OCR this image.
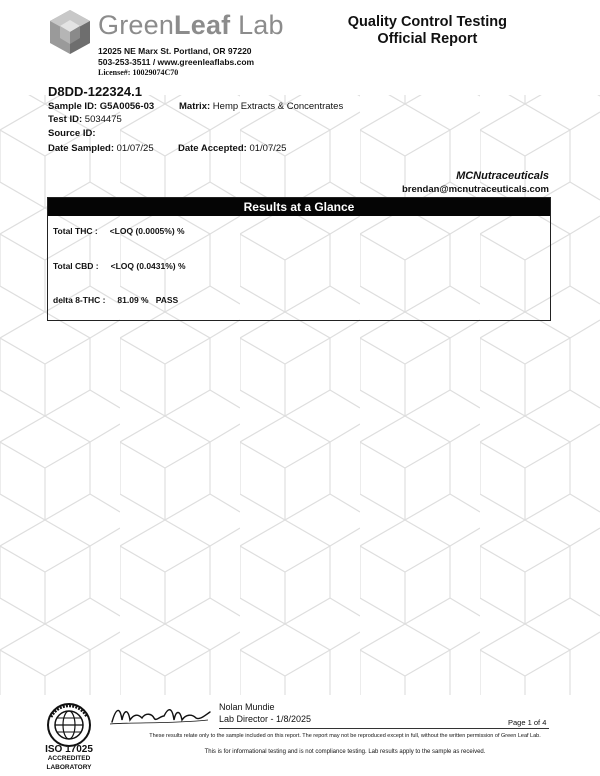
GreenLeaf Lab
12025 NE Marx St. Portland, OR 97220
503-253-3511 / www.greenleaflabs.com
License#: 10029074C70
Quality Control Testing
Official Report
D8DD-122324.1
Sample ID: G5A0056-03	Matrix: Hemp Extracts & Concentrates
Test ID: 5034475
Source ID:
Date Sampled: 01/07/25	Date Accepted: 01/07/25
MCNutraceuticals
brendan@mcnutraceuticals.com
Results at a Glance
Total THC : <LOQ (0.0005%) %
Total CBD : <LOQ (0.0431%) %
delta 8-THC : 81.09 %   PASS
ISO 17025
ACCREDITED
LABORATORY
Nolan Mundie
Lab Director - 1/8/2025	Page 1 of 4
These results relate only to the sample included on this report. The report may not be reproduced except in full, without the written permission of Green Leaf Lab.
This is for informational testing and is not compliance testing. Lab results apply to the sample as received.
